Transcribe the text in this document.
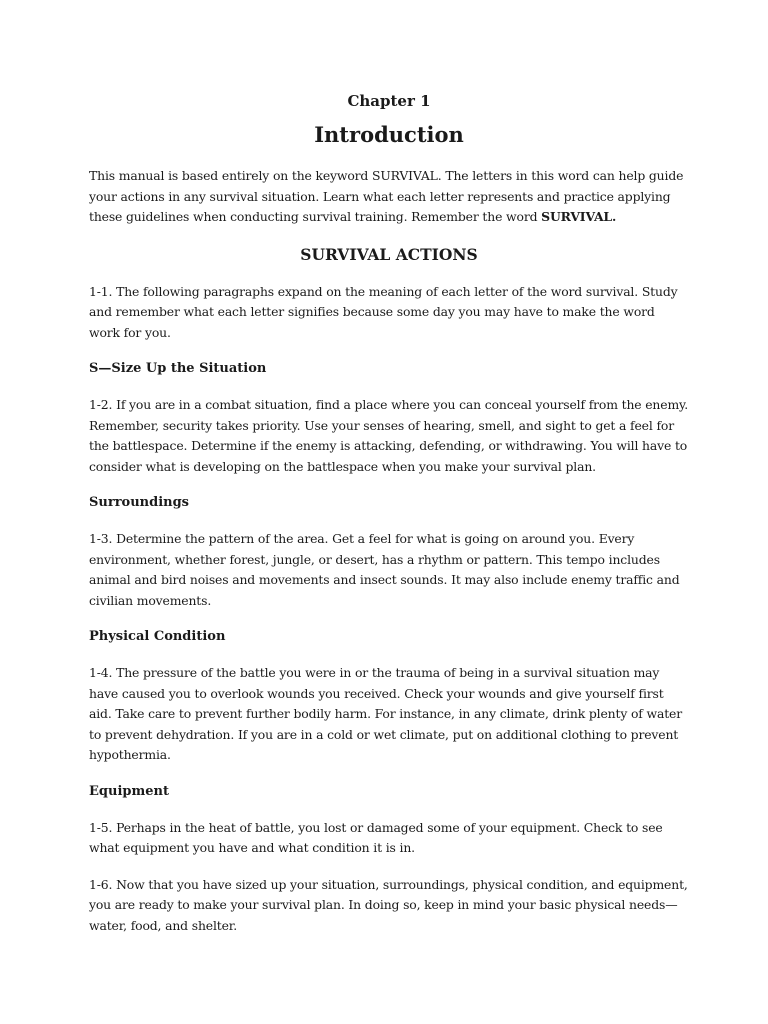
Chapter 1
Introduction

This manual is based entirely on the keyword SURVIVAL. The letters in this word can help guide your actions in any survival situation. Learn what each letter represents and practice applying these guidelines when conducting survival training. Remember the word SURVIVAL.

SURVIVAL ACTIONS

1-1. The following paragraphs expand on the meaning of each letter of the word survival. Study and remember what each letter signifies because some day you may have to make the word work for you.

S—Size Up the Situation

1-2. If you are in a combat situation, find a place where you can conceal yourself from the enemy. Remember, security takes priority. Use your senses of hearing, smell, and sight to get a feel for the battlespace. Determine if the enemy is attacking, defending, or withdrawing. You will have to consider what is developing on the battlespace when you make your survival plan.

Surroundings

1-3. Determine the pattern of the area. Get a feel for what is going on around you. Every environment, whether forest, jungle, or desert, has a rhythm or pattern. This tempo includes animal and bird noises and movements and insect sounds. It may also include enemy traffic and civilian movements.

Physical Condition

1-4. The pressure of the battle you were in or the trauma of being in a survival situation may have caused you to overlook wounds you received. Check your wounds and give yourself first aid. Take care to prevent further bodily harm. For instance, in any climate, drink plenty of water to prevent dehydration. If you are in a cold or wet climate, put on additional clothing to prevent hypothermia.

Equipment

1-5. Perhaps in the heat of battle, you lost or damaged some of your equipment. Check to see what equipment you have and what condition it is in.

1-6. Now that you have sized up your situation, surroundings, physical condition, and equipment, you are ready to make your survival plan. In doing so, keep in mind your basic physical needs—water, food, and shelter.
